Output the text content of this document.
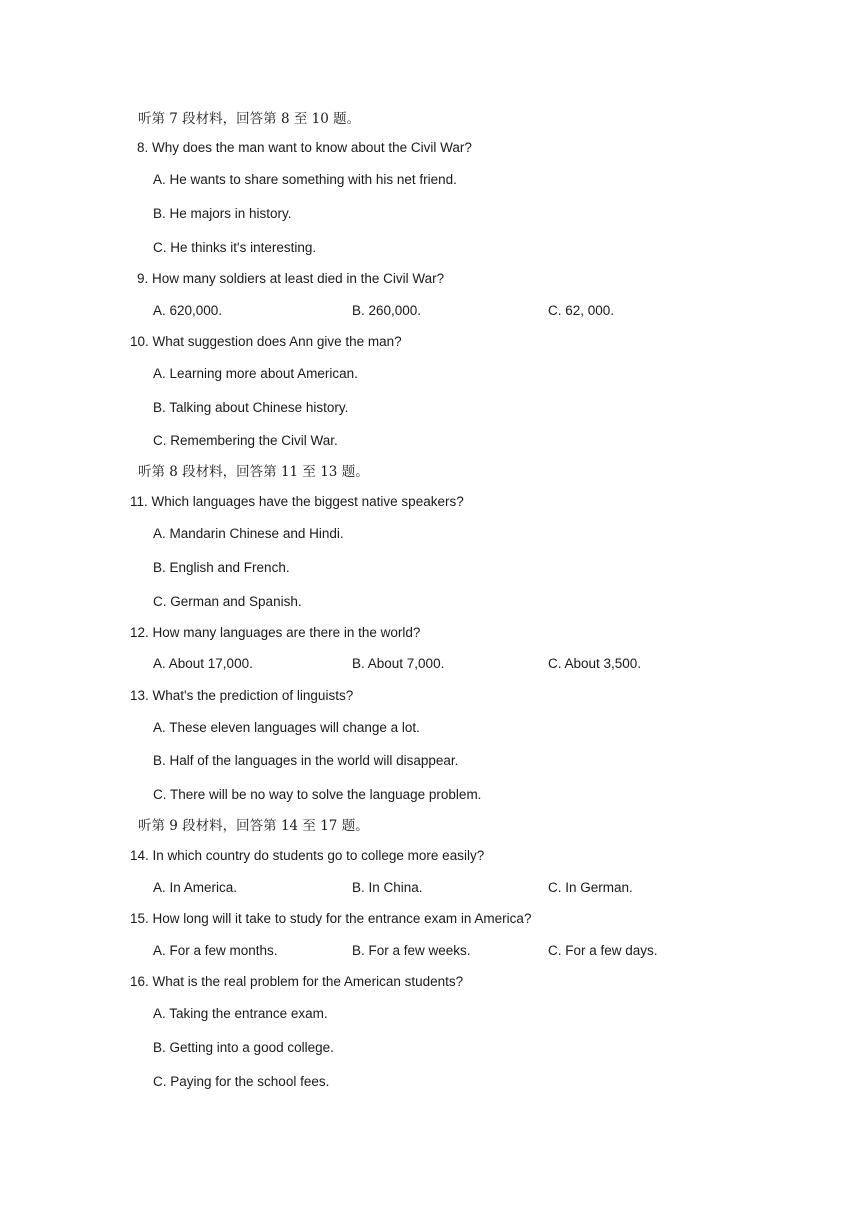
听第 7 段材料，回答第 8 至 10 题。
8. Why does the man want to know about the Civil War?
A. He wants to share something with his net friend.
B. He majors in history.
C. He thinks it's interesting.
9. How many soldiers at least died in the Civil War?
A. 620,000.	B. 260,000.	C. 62, 000.
10. What suggestion does Ann give the man?
A. Learning more about American.
B. Talking about Chinese history.
C. Remembering the Civil War.
听第 8 段材料，回答第 11 至 13 题。
11. Which languages have the biggest native speakers?
A. Mandarin Chinese and Hindi.
B. English and French.
C. German and Spanish.
12. How many languages are there in the world?
A. About 17,000.	B. About 7,000.	C. About 3,500.
13. What's the prediction of linguists?
A. These eleven languages will change a lot.
B. Half of the languages in the world will disappear.
C. There will be no way to solve the language problem.
听第 9 段材料，回答第 14 至 17 题。
14. In which country do students go to college more easily?
A. In America.	B. In China.	C. In German.
15. How long will it take to study for the entrance exam in America?
A. For a few months.	B. For a few weeks.	C. For a few days.
16. What is the real problem for the American students?
A. Taking the entrance exam.
B. Getting into a good college.
C. Paying for the school fees.
